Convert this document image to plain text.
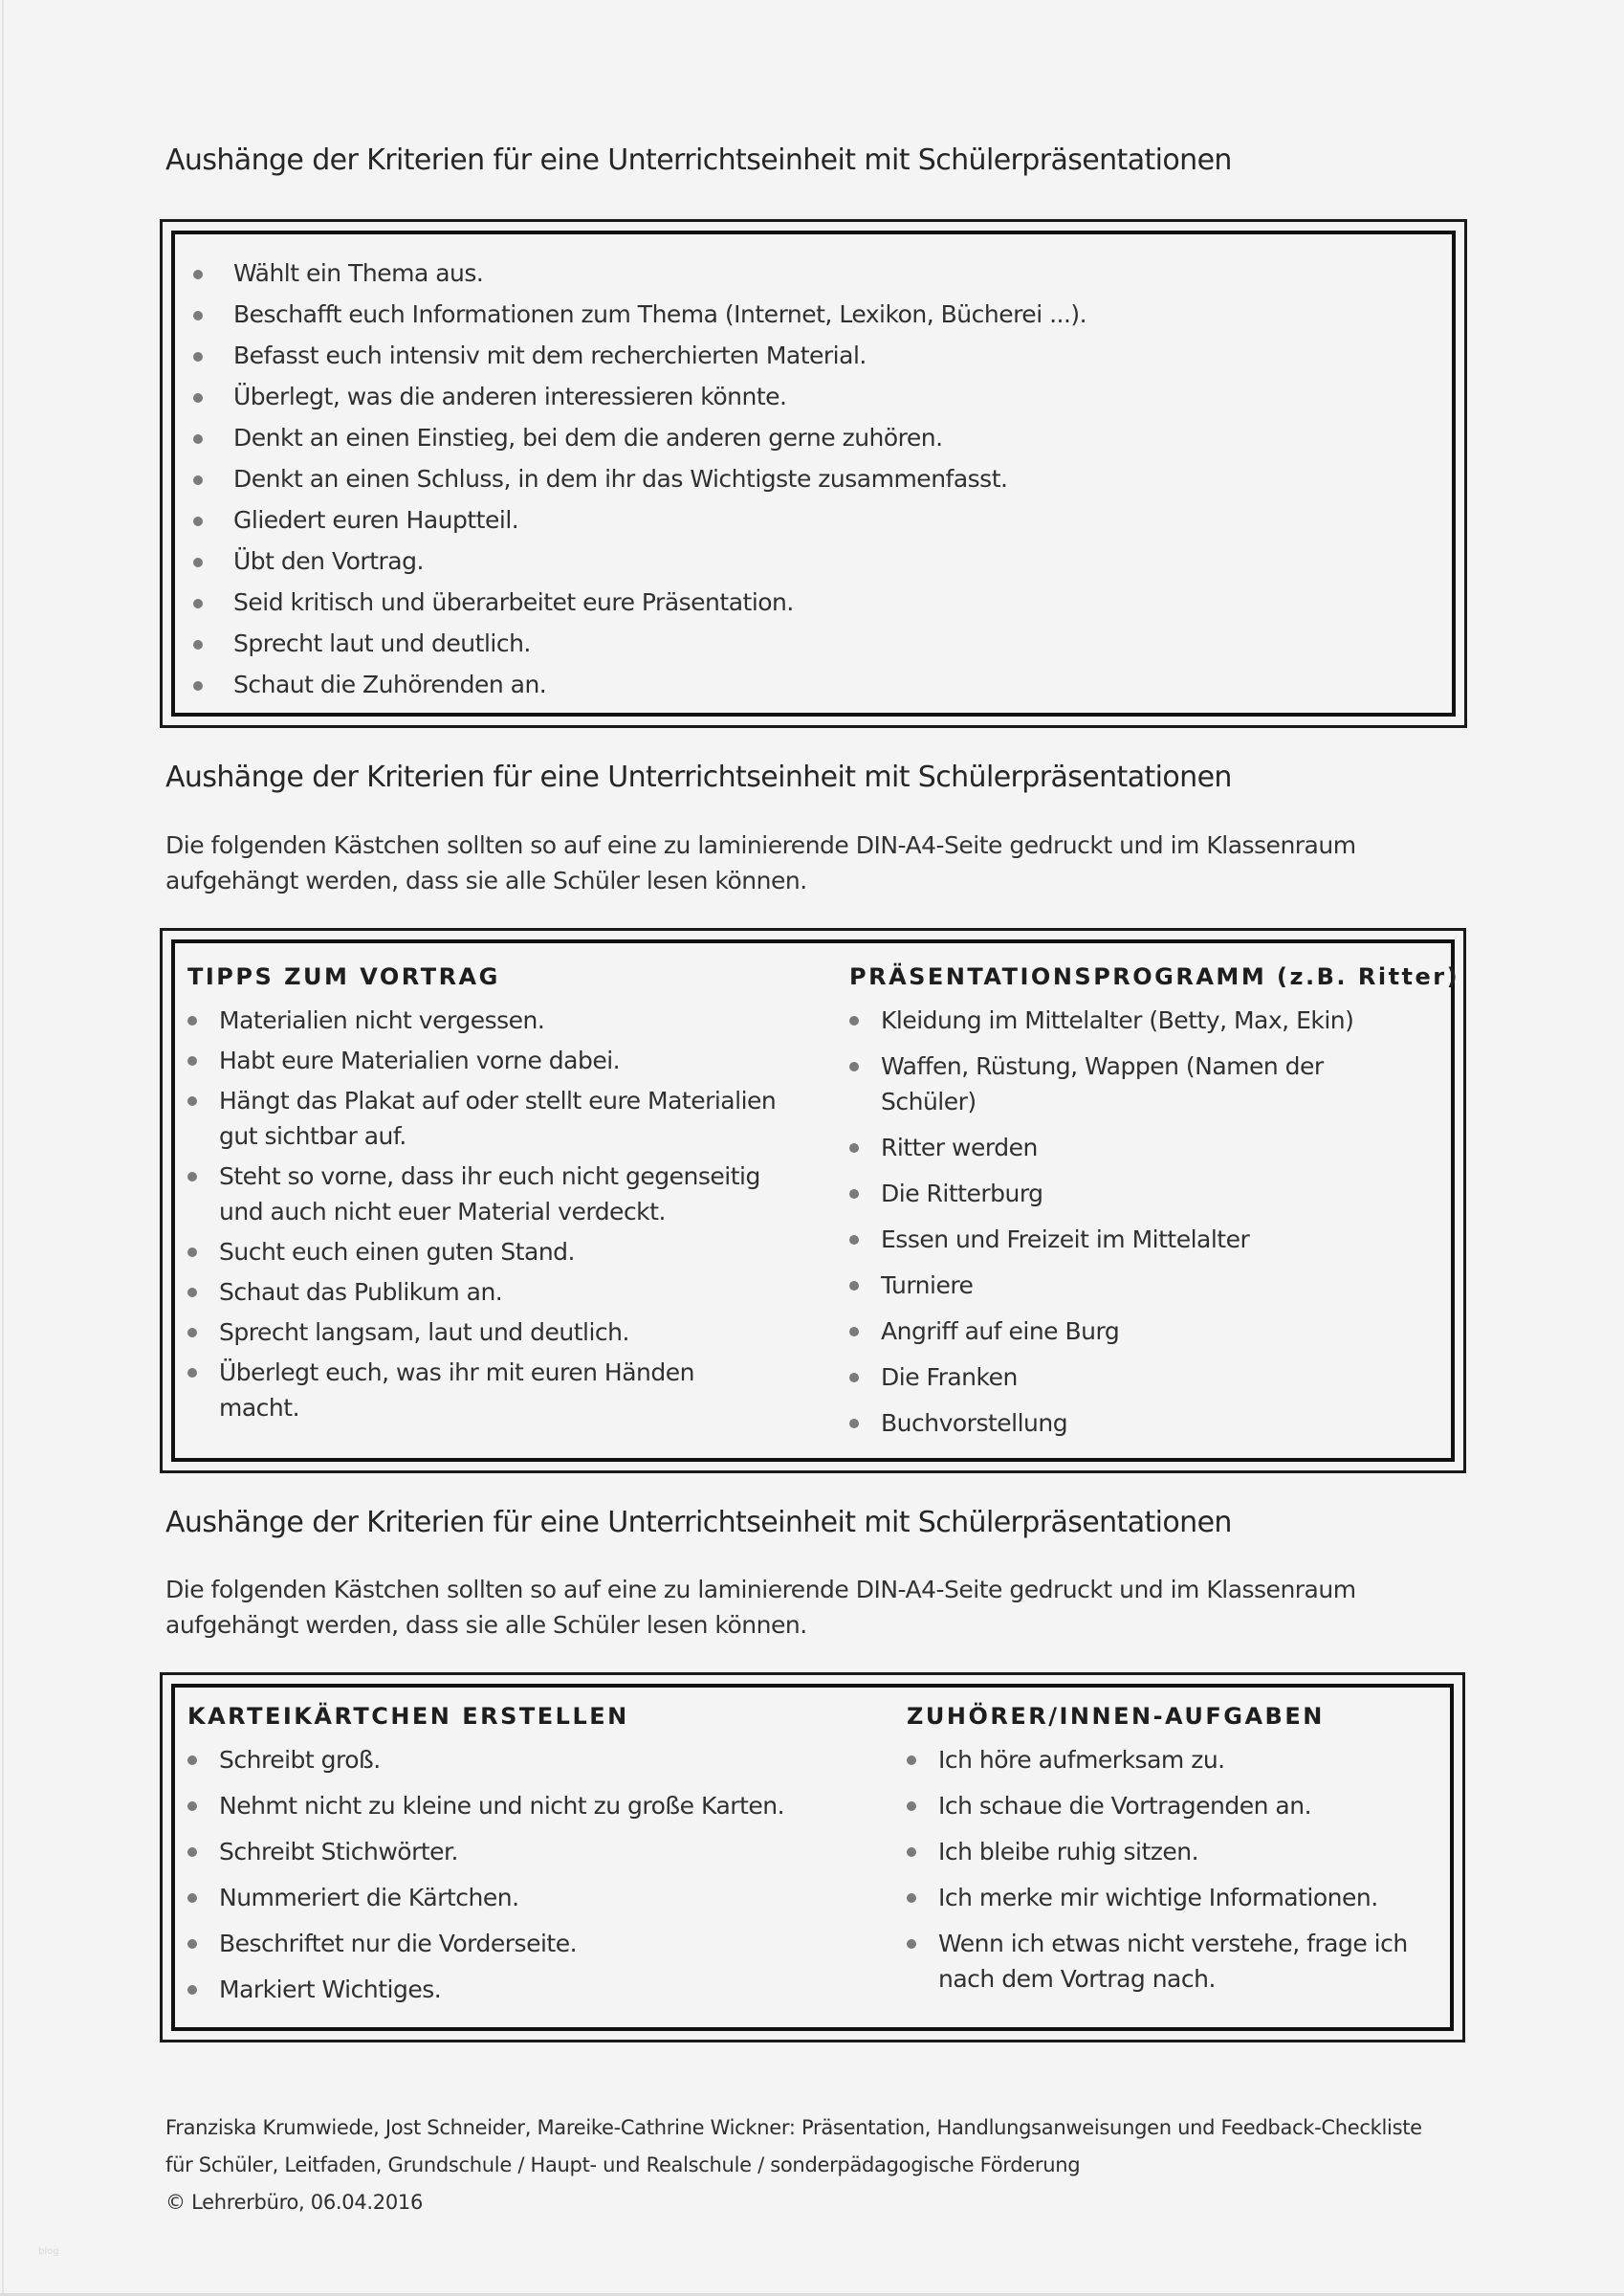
Aushänge der Kriterien für eine Unterrichtseinheit mit Schülerpräsentationen
Wählt ein Thema aus.
Beschafft euch Informationen zum Thema (Internet, Lexikon, Bücherei ...).
Befasst euch intensiv mit dem recherchierten Material.
Überlegt, was die anderen interessieren könnte.
Denkt an einen Einstieg, bei dem die anderen gerne zuhören.
Denkt an einen Schluss, in dem ihr das Wichtigste zusammenfasst.
Gliedert euren Hauptteil.
Übt den Vortrag.
Seid kritisch und überarbeitet eure Präsentation.
Sprecht laut und deutlich.
Schaut die Zuhörenden an.
Aushänge der Kriterien für eine Unterrichtseinheit mit Schülerpräsentationen

Die folgenden Kästchen sollten so auf eine zu laminierende DIN-A4-Seite gedruckt und im Klassenraum aufgehängt werden, dass sie alle Schüler lesen können.

TIPPS ZUM VORTRAG
Materialien nicht vergessen.
Habt eure Materialien vorne dabei.
Hängt das Plakat auf oder stellt eure Materialien gut sichtbar auf.
Steht so vorne, dass ihr euch nicht gegenseitig und auch nicht euer Material verdeckt.
Sucht euch einen guten Stand.
Schaut das Publikum an.
Sprecht langsam, laut und deutlich.
Überlegt euch, was ihr mit euren Händen macht.
PRÄSENTATIONSPROGRAMM (z.B. Ritter)
Kleidung im Mittelalter (Betty, Max, Ekin)
Waffen, Rüstung, Wappen (Namen der Schüler)
Ritter werden
Die Ritterburg
Essen und Freizeit im Mittelalter
Turniere
Angriff auf eine Burg
Die Franken
Buchvorstellung
Aushänge der Kriterien für eine Unterrichtseinheit mit Schülerpräsentationen

Die folgenden Kästchen sollten so auf eine zu laminierende DIN-A4-Seite gedruckt und im Klassenraum aufgehängt werden, dass sie alle Schüler lesen können.

KARTEIKÄRTCHEN ERSTELLEN
Schreibt groß.
Nehmt nicht zu kleine und nicht zu große Karten.
Schreibt Stichwörter.
Nummeriert die Kärtchen.
Beschriftet nur die Vorderseite.
Markiert Wichtiges.
ZUHÖRER/INNEN-AUFGABEN
Ich höre aufmerksam zu.
Ich schaue die Vortragenden an.
Ich bleibe ruhig sitzen.
Ich merke mir wichtige Informationen.
Wenn ich etwas nicht verstehe, frage ich nach dem Vortrag nach.
Franziska Krumwiede, Jost Schneider, Mareike-Cathrine Wickner: Präsentation, Handlungsanweisungen und Feedback-Checkliste
für Schüler, Leitfaden, Grundschule / Haupt- und Realschule / sonderpädagogische Förderung
© Lehrerbüro, 06.04.2016
blog
